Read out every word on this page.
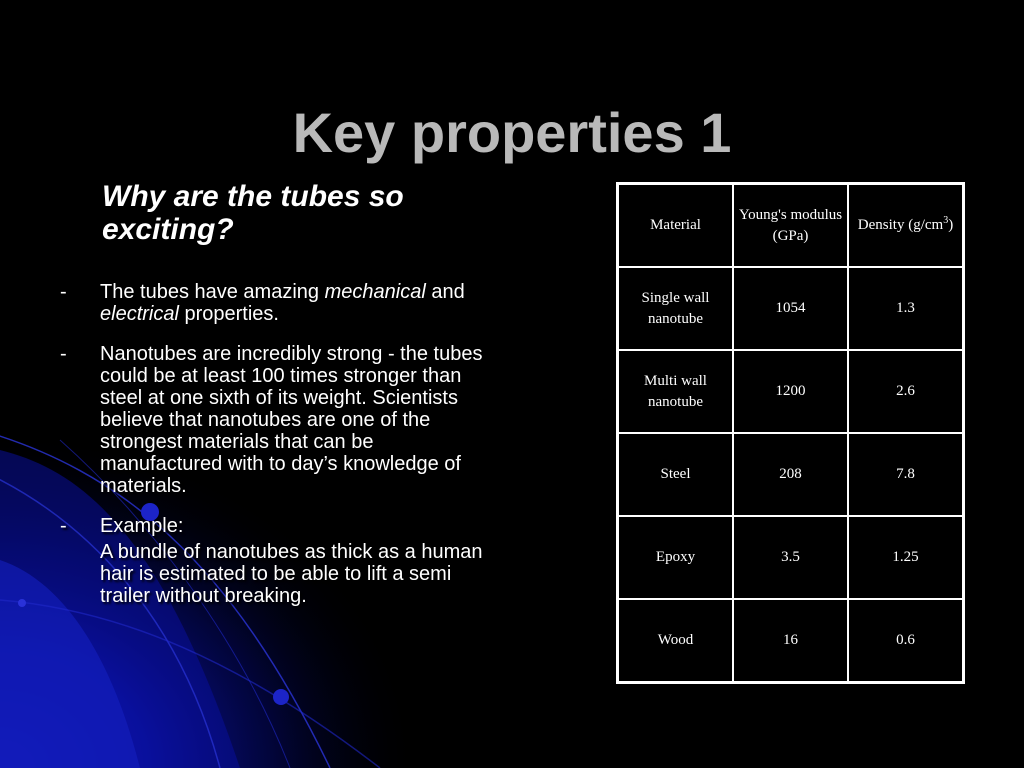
Key properties 1
Why are the tubes so exciting?
-	The tubes have amazing mechanical and electrical properties.
-	Nanotubes are incredibly strong - the tubes could be at least 100 times stronger than steel at one sixth of its weight. Scientists believe that nanotubes are one of the strongest materials that can be manufactured with to day’s knowledge of materials.
-	Example:
A bundle of nanotubes as thick as a human hair is estimated to be able to lift a semi trailer without breaking.
Material	Young's modulus (GPa)	Density $(g/cm^3)$
Single wall nanotube	1054	1.3
Multi wall nanotube	1200	2.6
Steel	208	7.8
Epoxy	3.5	1.25
Wood	16	0.6
